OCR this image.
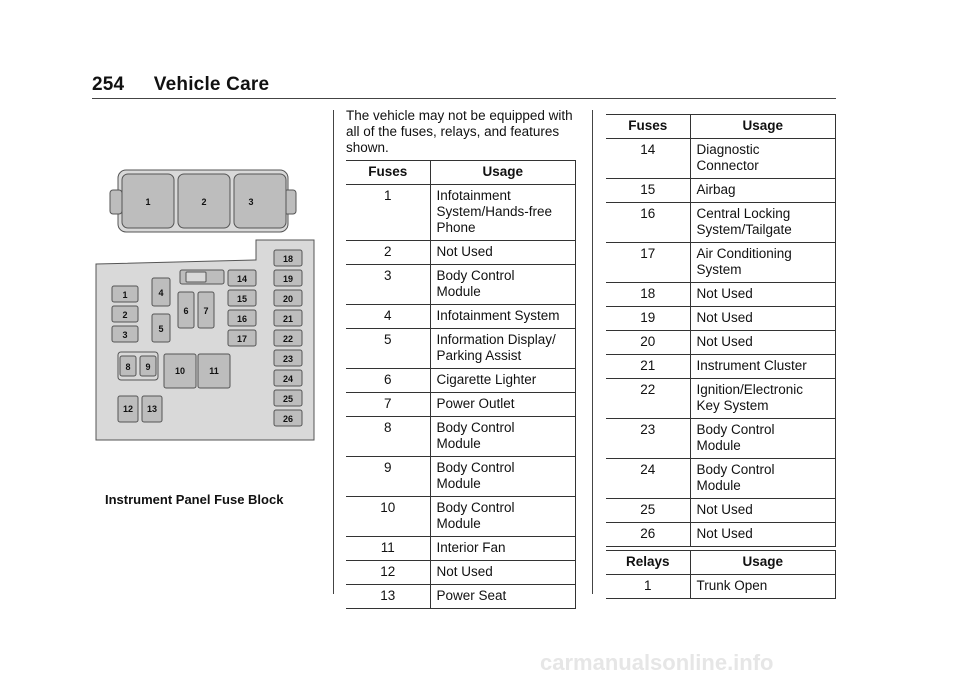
254 Vehicle Care
1	2	3
1
2
3
4
5
6 7
8 9	10	11
12 13
14
15
16
17
18
19
20
21
22
23
24
25
26
Instrument Panel Fuse Block
The vehicle may not be equipped with all of the fuses, relays, and features shown.
Fuses	Usage
1	Infotainment
System/Hands-free
Phone

2	Not Used

3	Body Control
Module

4	Infotainment System

5	Information Display/
Parking Assist

6	Cigarette Lighter

7	Power Outlet

8	Body Control
Module

9	Body Control
Module

10	Body Control
Module

11	Interior Fan

12	Not Used

13	Power Seat
Fuses	Usage
14	Diagnostic
Connector

15	Airbag

16	Central Locking
System/Tailgate

17	Air Conditioning
System

18	Not Used

19	Not Used

20	Not Used

21	Instrument Cluster

22	Ignition/Electronic
Key System

23	Body Control
Module

24	Body Control
Module

25	Not Used

26	Not Used
Relays	Usage
1	Trunk Open
carmanualsonline.info
